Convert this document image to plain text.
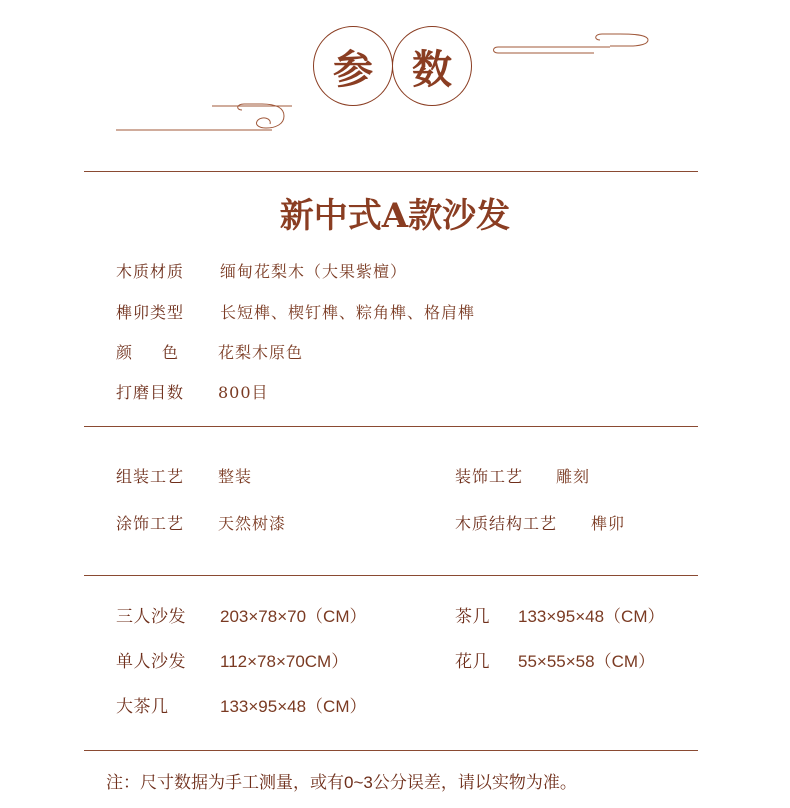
参 数
新中式A款沙发
木质材质 缅甸花梨木（大果紫檀）
榫卯类型 长短榫、楔钉榫、粽角榫、格肩榫
颜色 花梨木原色
打磨目数 800目
组装工艺 整装	装饰工艺 雕刻
涂饰工艺 天然树漆	木质结构工艺 榫卯
三人沙发 203×78×70（CM）	茶几 133×95×48（CM）
单人沙发 112×78×70CM）	花几 55×55×58（CM）
大茶几	133×95×48（CM）
注：尺寸数据为手工测量，或有0~3公分误差，请以实物为准。
